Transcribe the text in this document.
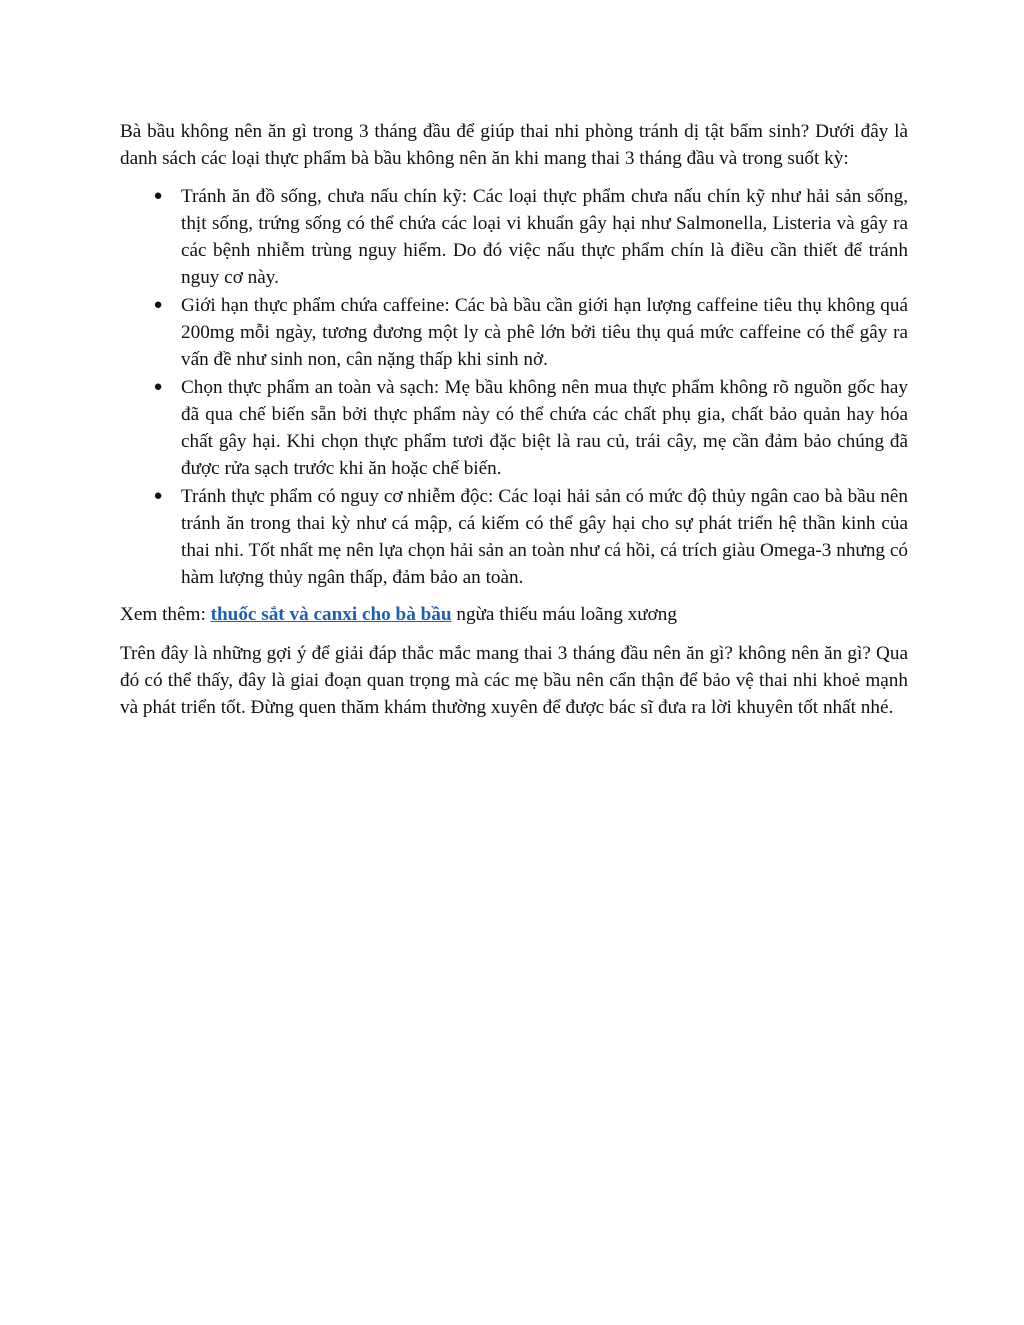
Bà bầu không nên ăn gì trong 3 tháng đầu để giúp thai nhi phòng tránh dị tật bẩm sinh? Dưới đây là danh sách các loại thực phẩm bà bầu không nên ăn khi mang thai 3 tháng đầu và trong suốt kỳ:

● Tránh ăn đồ sống, chưa nấu chín kỹ: Các loại thực phẩm chưa nấu chín kỹ như hải sản sống, thịt sống, trứng sống có thể chứa các loại vi khuẩn gây hại như Salmonella, Listeria và gây ra các bệnh nhiễm trùng nguy hiểm. Do đó việc nấu thực phẩm chín là điều cần thiết để tránh nguy cơ này.
● Giới hạn thực phẩm chứa caffeine: Các bà bầu cần giới hạn lượng caffeine tiêu thụ không quá 200mg mỗi ngày, tương đương một ly cà phê lớn bởi tiêu thụ quá mức caffeine có thể gây ra vấn đề như sinh non, cân nặng thấp khi sinh nở.
● Chọn thực phẩm an toàn và sạch: Mẹ bầu không nên mua thực phẩm không rõ nguồn gốc hay đã qua chế biến sẵn bởi thực phẩm này có thể chứa các chất phụ gia, chất bảo quản hay hóa chất gây hại. Khi chọn thực phẩm tươi đặc biệt là rau củ, trái cây, mẹ cần đảm bảo chúng đã được rửa sạch trước khi ăn hoặc chế biến.
● Tránh thực phẩm có nguy cơ nhiễm độc: Các loại hải sản có mức độ thủy ngân cao bà bầu nên tránh ăn trong thai kỳ như cá mập, cá kiếm có thể gây hại cho sự phát triển hệ thần kinh của thai nhi. Tốt nhất mẹ nên lựa chọn hải sản an toàn như cá hồi, cá trích giàu Omega-3 nhưng có hàm lượng thủy ngân thấp, đảm bảo an toàn.

Xem thêm: thuốc sắt và canxi cho bà bầu ngừa thiếu máu loãng xương

Trên đây là những gợi ý để giải đáp thắc mắc mang thai 3 tháng đầu nên ăn gì? không nên ăn gì? Qua đó có thể thấy, đây là giai đoạn quan trọng mà các mẹ bầu nên cẩn thận để bảo vệ thai nhi khoẻ mạnh và phát triển tốt. Đừng quen thăm khám thường xuyên để được bác sĩ đưa ra lời khuyên tốt nhất nhé.
